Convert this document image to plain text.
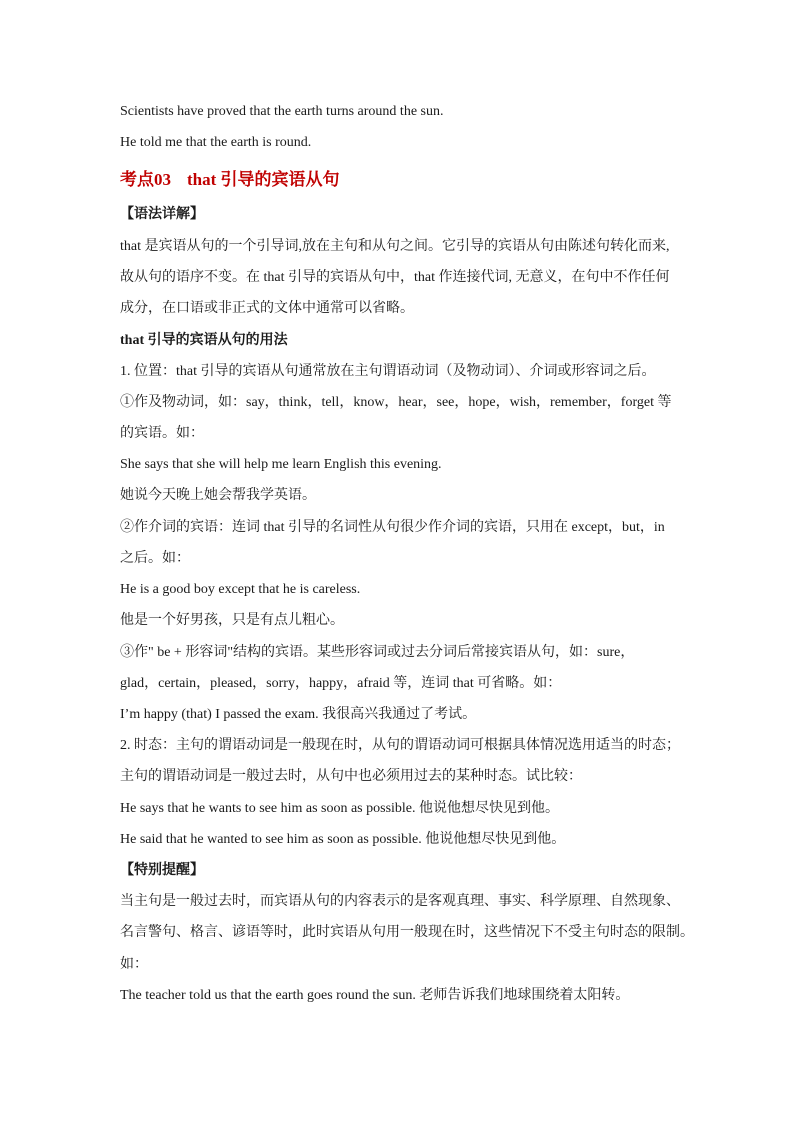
Scientists have proved that the earth turns around the sun.
He told me that the earth is round.
考点03 that 引导的宾语从句
【语法详解】
that 是宾语从句的一个引导词,放在主句和从句之间。它引导的宾语从句由陈述句转化而来,
故从句的语序不变。在 that 引导的宾语从句中，that 作连接代词, 无意义，在句中不作任何
成分，在口语或非正式的文体中通常可以省略。
that 引导的宾语从句的用法
1. 位置：that 引导的宾语从句通常放在主句谓语动词（及物动词）、介词或形容词之后。
①作及物动词，如：say，think，tell，know，hear，see，hope，wish，remember，forget 等
的宾语。如：
She says that she will help me learn English this evening.
她说今天晚上她会帮我学英语。
②作介词的宾语：连词 that 引导的名词性从句很少作介词的宾语，只用在 except，but，in
之后。如：
He is a good boy except that he is careless.
他是一个好男孩，只是有点儿粗心。
③作" be + 形容词"结构的宾语。某些形容词或过去分词后常接宾语从句，如：sure，
glad，certain，pleased，sorry，happy，afraid 等，连词 that 可省略。如：
I’m happy (that) I passed the exam. 我很高兴我通过了考试。
2. 时态：主句的谓语动词是一般现在时，从句的谓语动词可根据具体情况选用适当的时态；
主句的谓语动词是一般过去时，从句中也必须用过去的某种时态。试比较：
He says that he wants to see him as soon as possible. 他说他想尽快见到他。
He said that he wanted to see him as soon as possible. 他说他想尽快见到他。
【特别提醒】
当主句是一般过去时，而宾语从句的内容表示的是客观真理、事实、科学原理、自然现象、
名言警句、格言、谚语等时，此时宾语从句用一般现在时，这些情况下不受主句时态的限制。
如：
The teacher told us that the earth goes round the sun. 老师告诉我们地球围绕着太阳转。
